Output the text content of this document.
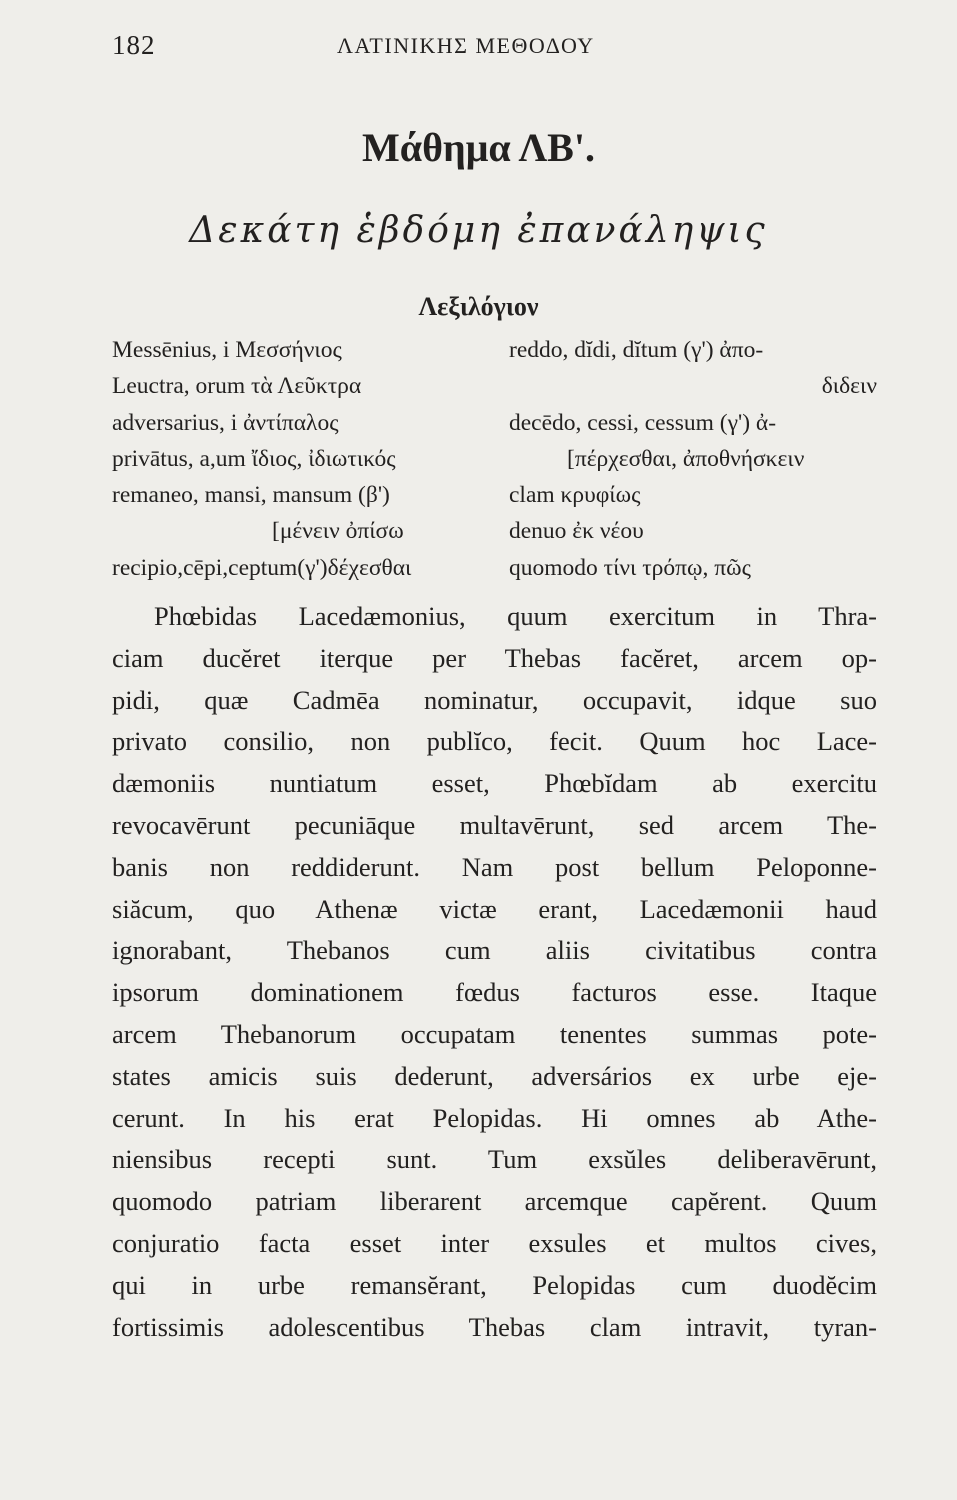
182	ΛΑΤΙΝΙΚΗΣ ΜΕΘΟΔΟΥ
Μάθημα ΛΒ'.
Δεκάτη ἑβδόμη ἐπανάληψις
Λεξιλόγιον
Messēnius, i Μεσσήνιος	reddo, dĭdi, dĭtum (γ') ἀπο-
Leuctra, orum τὰ Λεῦκτρα	διδειν
adversarius, i ἀντίπαλος	decēdo, cessi, cessum (γ') ἀ-
privātus, a,um ἴδιος, ἰδιωτικός	[πέρχεσθαι, ἀποθνήσκειν
remaneo, mansi, mansum (β')	clam κρυφίως
[μένειν ὀπίσω	denuo ἐκ νέου
recipio,cēpi,ceptum(γ')δέχεσθαι	quomodo τίνι τρόπῳ, πῶς
Phœbidas Lacedæmonius, quum exercitum in Thra-
ciam ducĕret iterque per Thebas facĕret, arcem op-
pidi, quæ Cadmēa nominatur, occupavit, idque suo
privato consilio, non publĭco, fecit. Quum hoc Lace-
dæmoniis nuntiatum esset, Phœbĭdam ab exercitu
revocavērunt pecuniāque multavērunt, sed arcem The-
banis non reddiderunt. Nam post bellum Peloponne-
siăcum, quo Athenæ victæ erant, Lacedæmonii haud
ignorabant, Thebanos cum aliis civitatibus contra
ipsorum dominationem fœdus facturos esse. Itaque
arcem Thebanorum occupatam tenentes summas pote-
states amicis suis dederunt, adversários ex urbe eje-
cerunt. In his erat Pelopidas. Hi omnes ab Athe-
niensibus recepti sunt. Tum exsŭles deliberavērunt,
quomodo patriam liberarent arcemque capĕrent. Quum
conjuratio facta esset inter exsules et multos cives,
qui in urbe remansĕrant, Pelopidas cum duodĕcim
fortissimis adolescentibus Thebas clam intravit, tyran-
